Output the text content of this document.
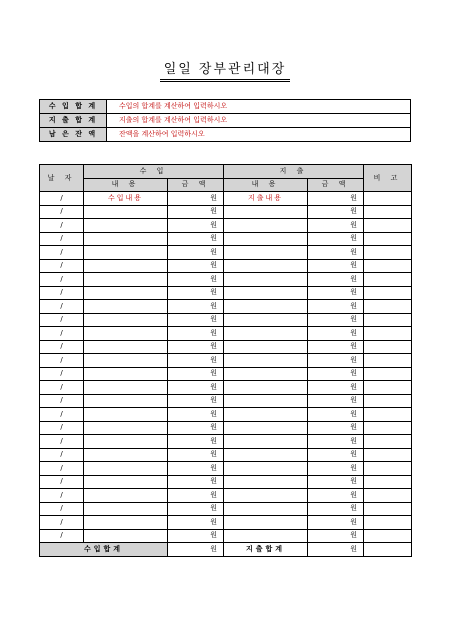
일일 장부관리대장
수 입 합 계	수입의 합계를 계산하여 입력하시오
지 출 합 계	지출의 합계를 계산하여 입력하시오
남 은 잔 액	잔액을 계산하여 입력하시오
날 자	수 입		지 출		비 고
	내 용	금 액	내 용	금 액	
/	수입내용	원	지출내용	원	
/		원		원	
/		원		원	
/		원		원	
/		원		원	
/		원		원	
/		원		원	
/		원		원	
/		원		원	
/		원		원	
/		원		원	
/		원		원	
/		원		원	
/		원		원	
/		원		원	
/		원		원	
/		원		원	
/		원		원	
/		원		원	
/		원		원	
/		원		원	
/		원		원	
/		원		원	
/		원		원	
/		원		원	
/		원		원	
수입합계		원	지출합계	원	
